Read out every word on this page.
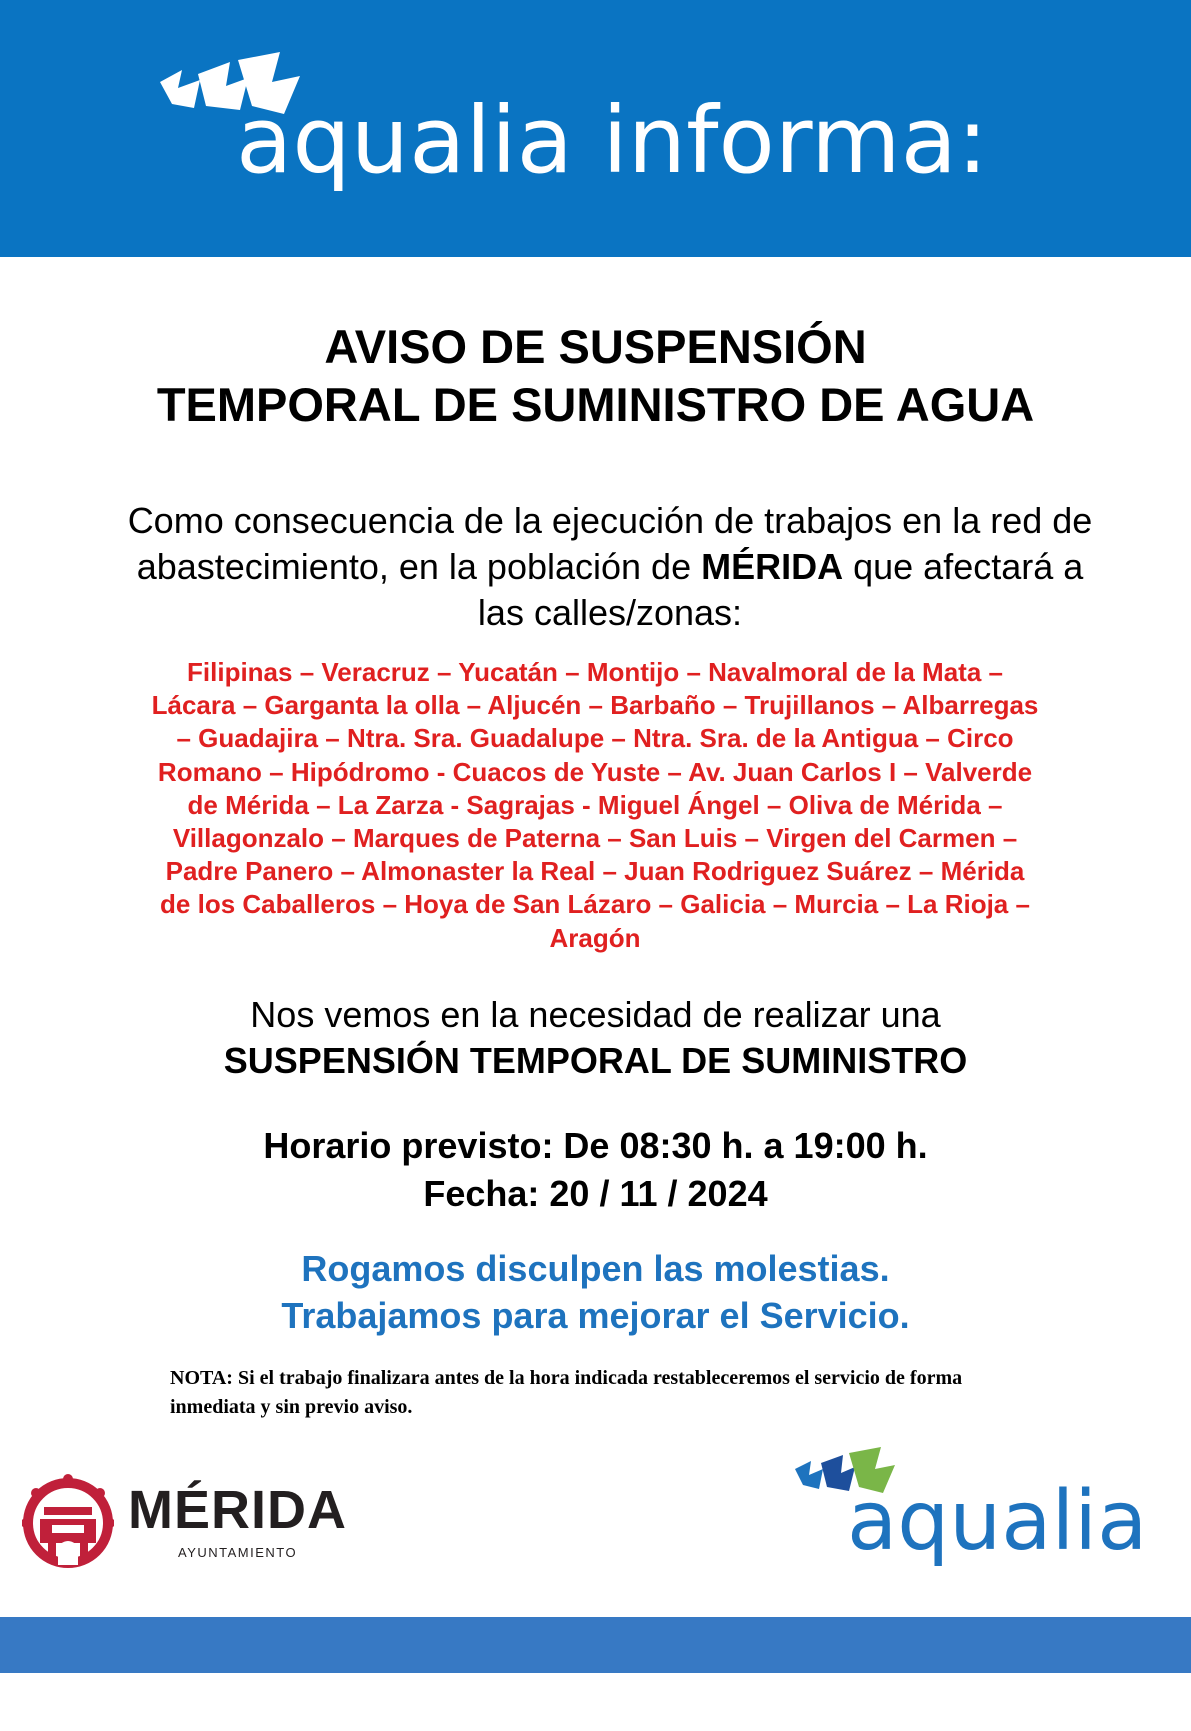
aqualia informa:
AVISO DE SUSPENSIÓN
TEMPORAL DE SUMINISTRO DE AGUA
Como consecuencia de la ejecución de trabajos en la red de abastecimiento, en la población de MÉRIDA que afectará a las calles/zonas:
Filipinas – Veracruz – Yucatán – Montijo – Navalmoral de la Mata –
Lácara – Garganta la olla – Aljucén – Barbaño – Trujillanos – Albarregas
– Guadajira – Ntra. Sra. Guadalupe – Ntra. Sra. de la Antigua – Circo
Romano – Hipódromo - Cuacos de Yuste – Av. Juan Carlos I – Valverde
de Mérida – La Zarza - Sagrajas - Miguel Ángel – Oliva de Mérida –
Villagonzalo – Marques de Paterna – San Luis – Virgen del Carmen –
Padre Panero – Almonaster la Real – Juan Rodriguez Suárez – Mérida
de los Caballeros – Hoya de San Lázaro – Galicia – Murcia – La Rioja –
Aragón
Nos vemos en la necesidad de realizar una
SUSPENSIÓN TEMPORAL DE SUMINISTRO
Horario previsto: De 08:30 h. a 19:00 h.
Fecha: 20 / 11 / 2024
Rogamos disculpen las molestias.
Trabajamos para mejorar el Servicio.
NOTA: Si el trabajo finalizara antes de la hora indicada restableceremos el servicio de forma inmediata y sin previo aviso.
MÉRIDA
AYUNTAMIENTO	aqualia
